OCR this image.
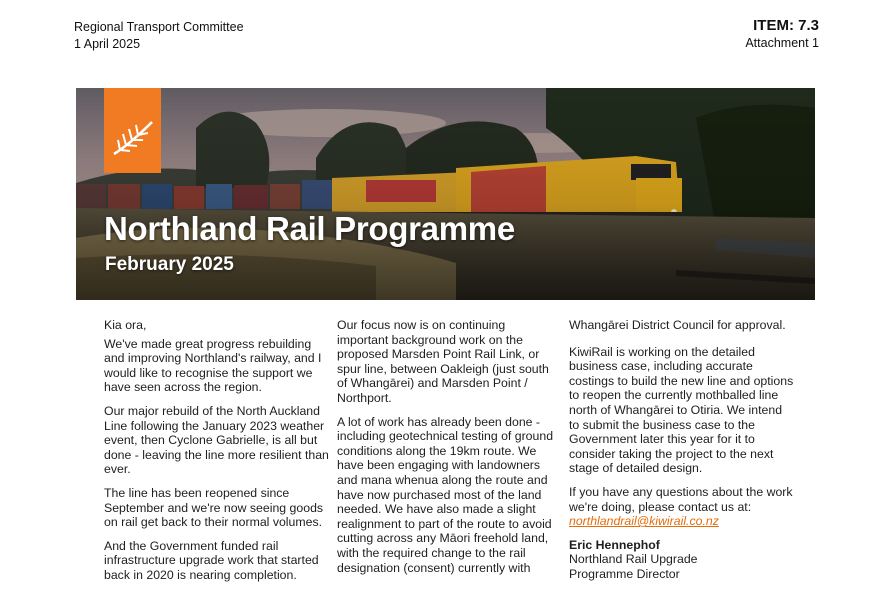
Regional Transport Committee
1 April 2025
ITEM: 7.3
Attachment 1
Northland Rail Programme
February 2025

Kia ora,

We've made great progress rebuilding and improving Northland's railway, and I would like to recognise the support we have seen across the region.

Our major rebuild of the North Auckland Line following the January 2023 weather event, then Cyclone Gabrielle, is all but done - leaving the line more resilient than ever.

The line has been reopened since September and we're now seeing goods on rail get back to their normal volumes.

And the Government funded rail infrastructure upgrade work that started back in 2020 is nearing completion.

Our focus now is on continuing important background work on the proposed Marsden Point Rail Link, or spur line, between Oakleigh (just south of Whangārei) and Marsden Point / Northport.

A lot of work has already been done - including geotechnical testing of ground conditions along the 19km route. We have been engaging with landowners and mana whenua along the route and have now purchased most of the land needed. We have also made a slight realignment to part of the route to avoid cutting across any Māori freehold land, with the required change to the rail designation (consent) currently with

Whangārei District Council for approval.

KiwiRail is working on the detailed business case, including accurate costings to build the new line and options to reopen the currently mothballed line north of Whangārei to Otiria. We intend to submit the business case to the Government later this year for it to consider taking the project to the next stage of detailed design.

If you have any questions about the work we're doing, please contact us at:

northlandrail@kiwirail.co.nz

Eric Hennephof
Northland Rail Upgrade
Programme Director
